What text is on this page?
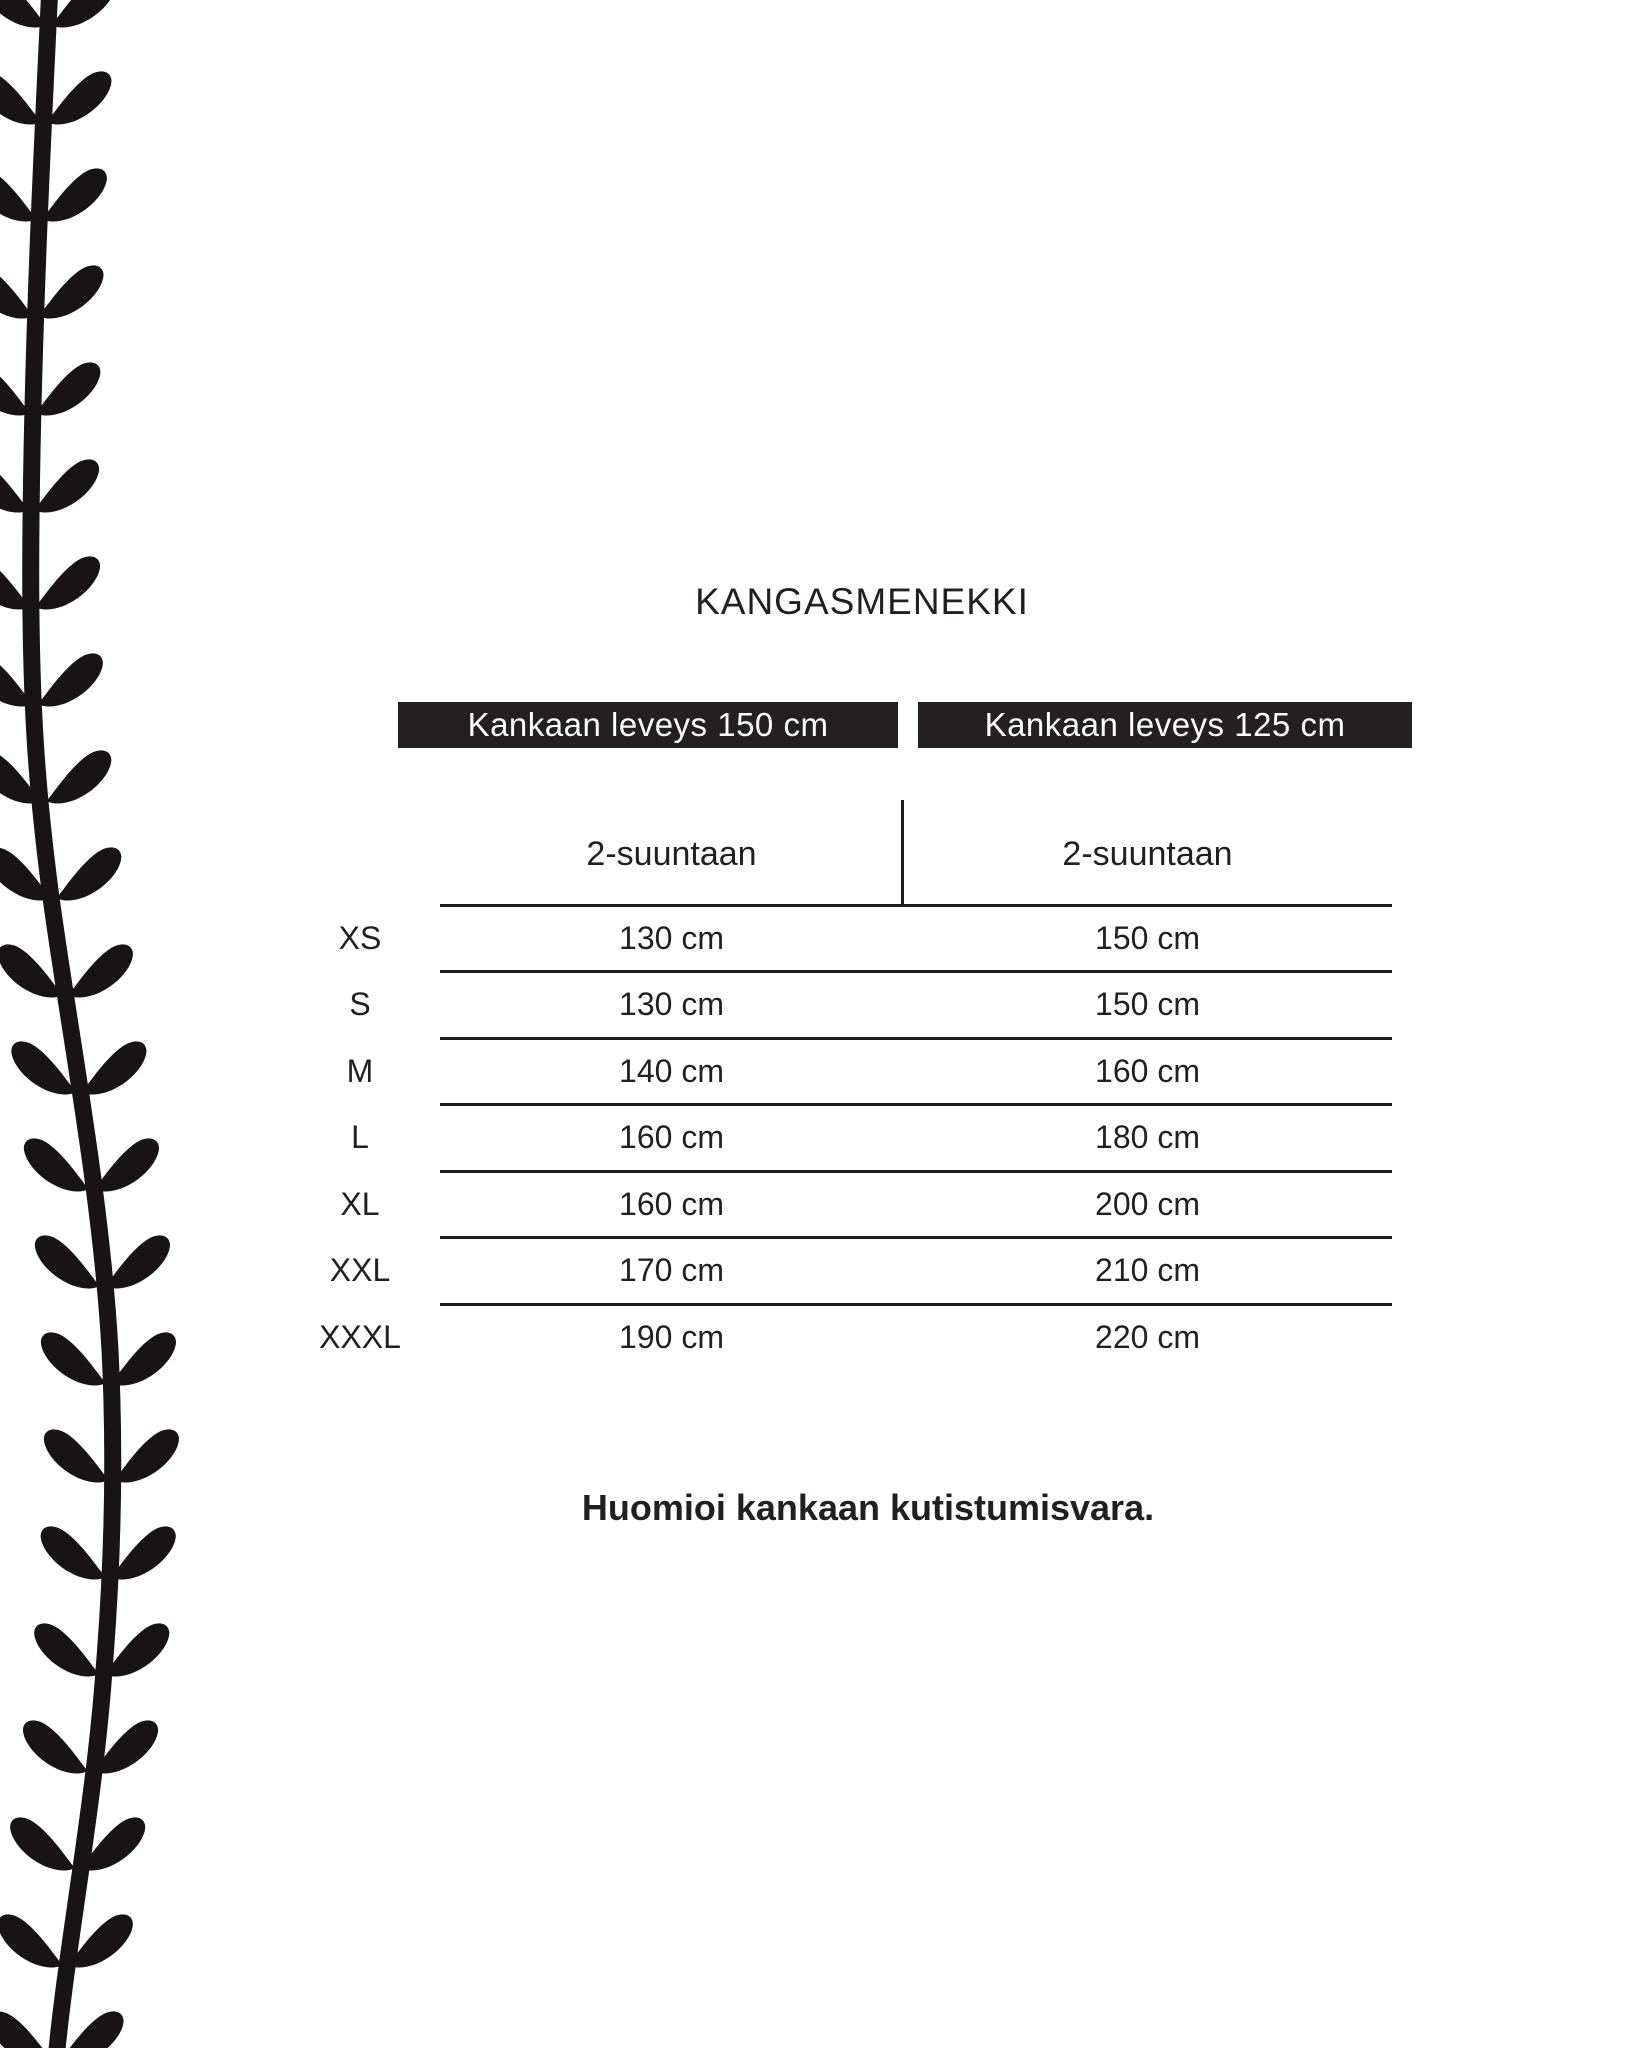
KANGASMENEKKI
Kankaan leveys 150 cm	Kankaan leveys 125 cm
2-suuntaan	2-suuntaan
XS	130 cm	150 cm
S	130 cm	150 cm
M	140 cm	160 cm
L	160 cm	180 cm
XL	160 cm	200 cm
XXL	170 cm	210 cm
XXXL	190 cm	220 cm
Huomioi kankaan kutistumisvara.
